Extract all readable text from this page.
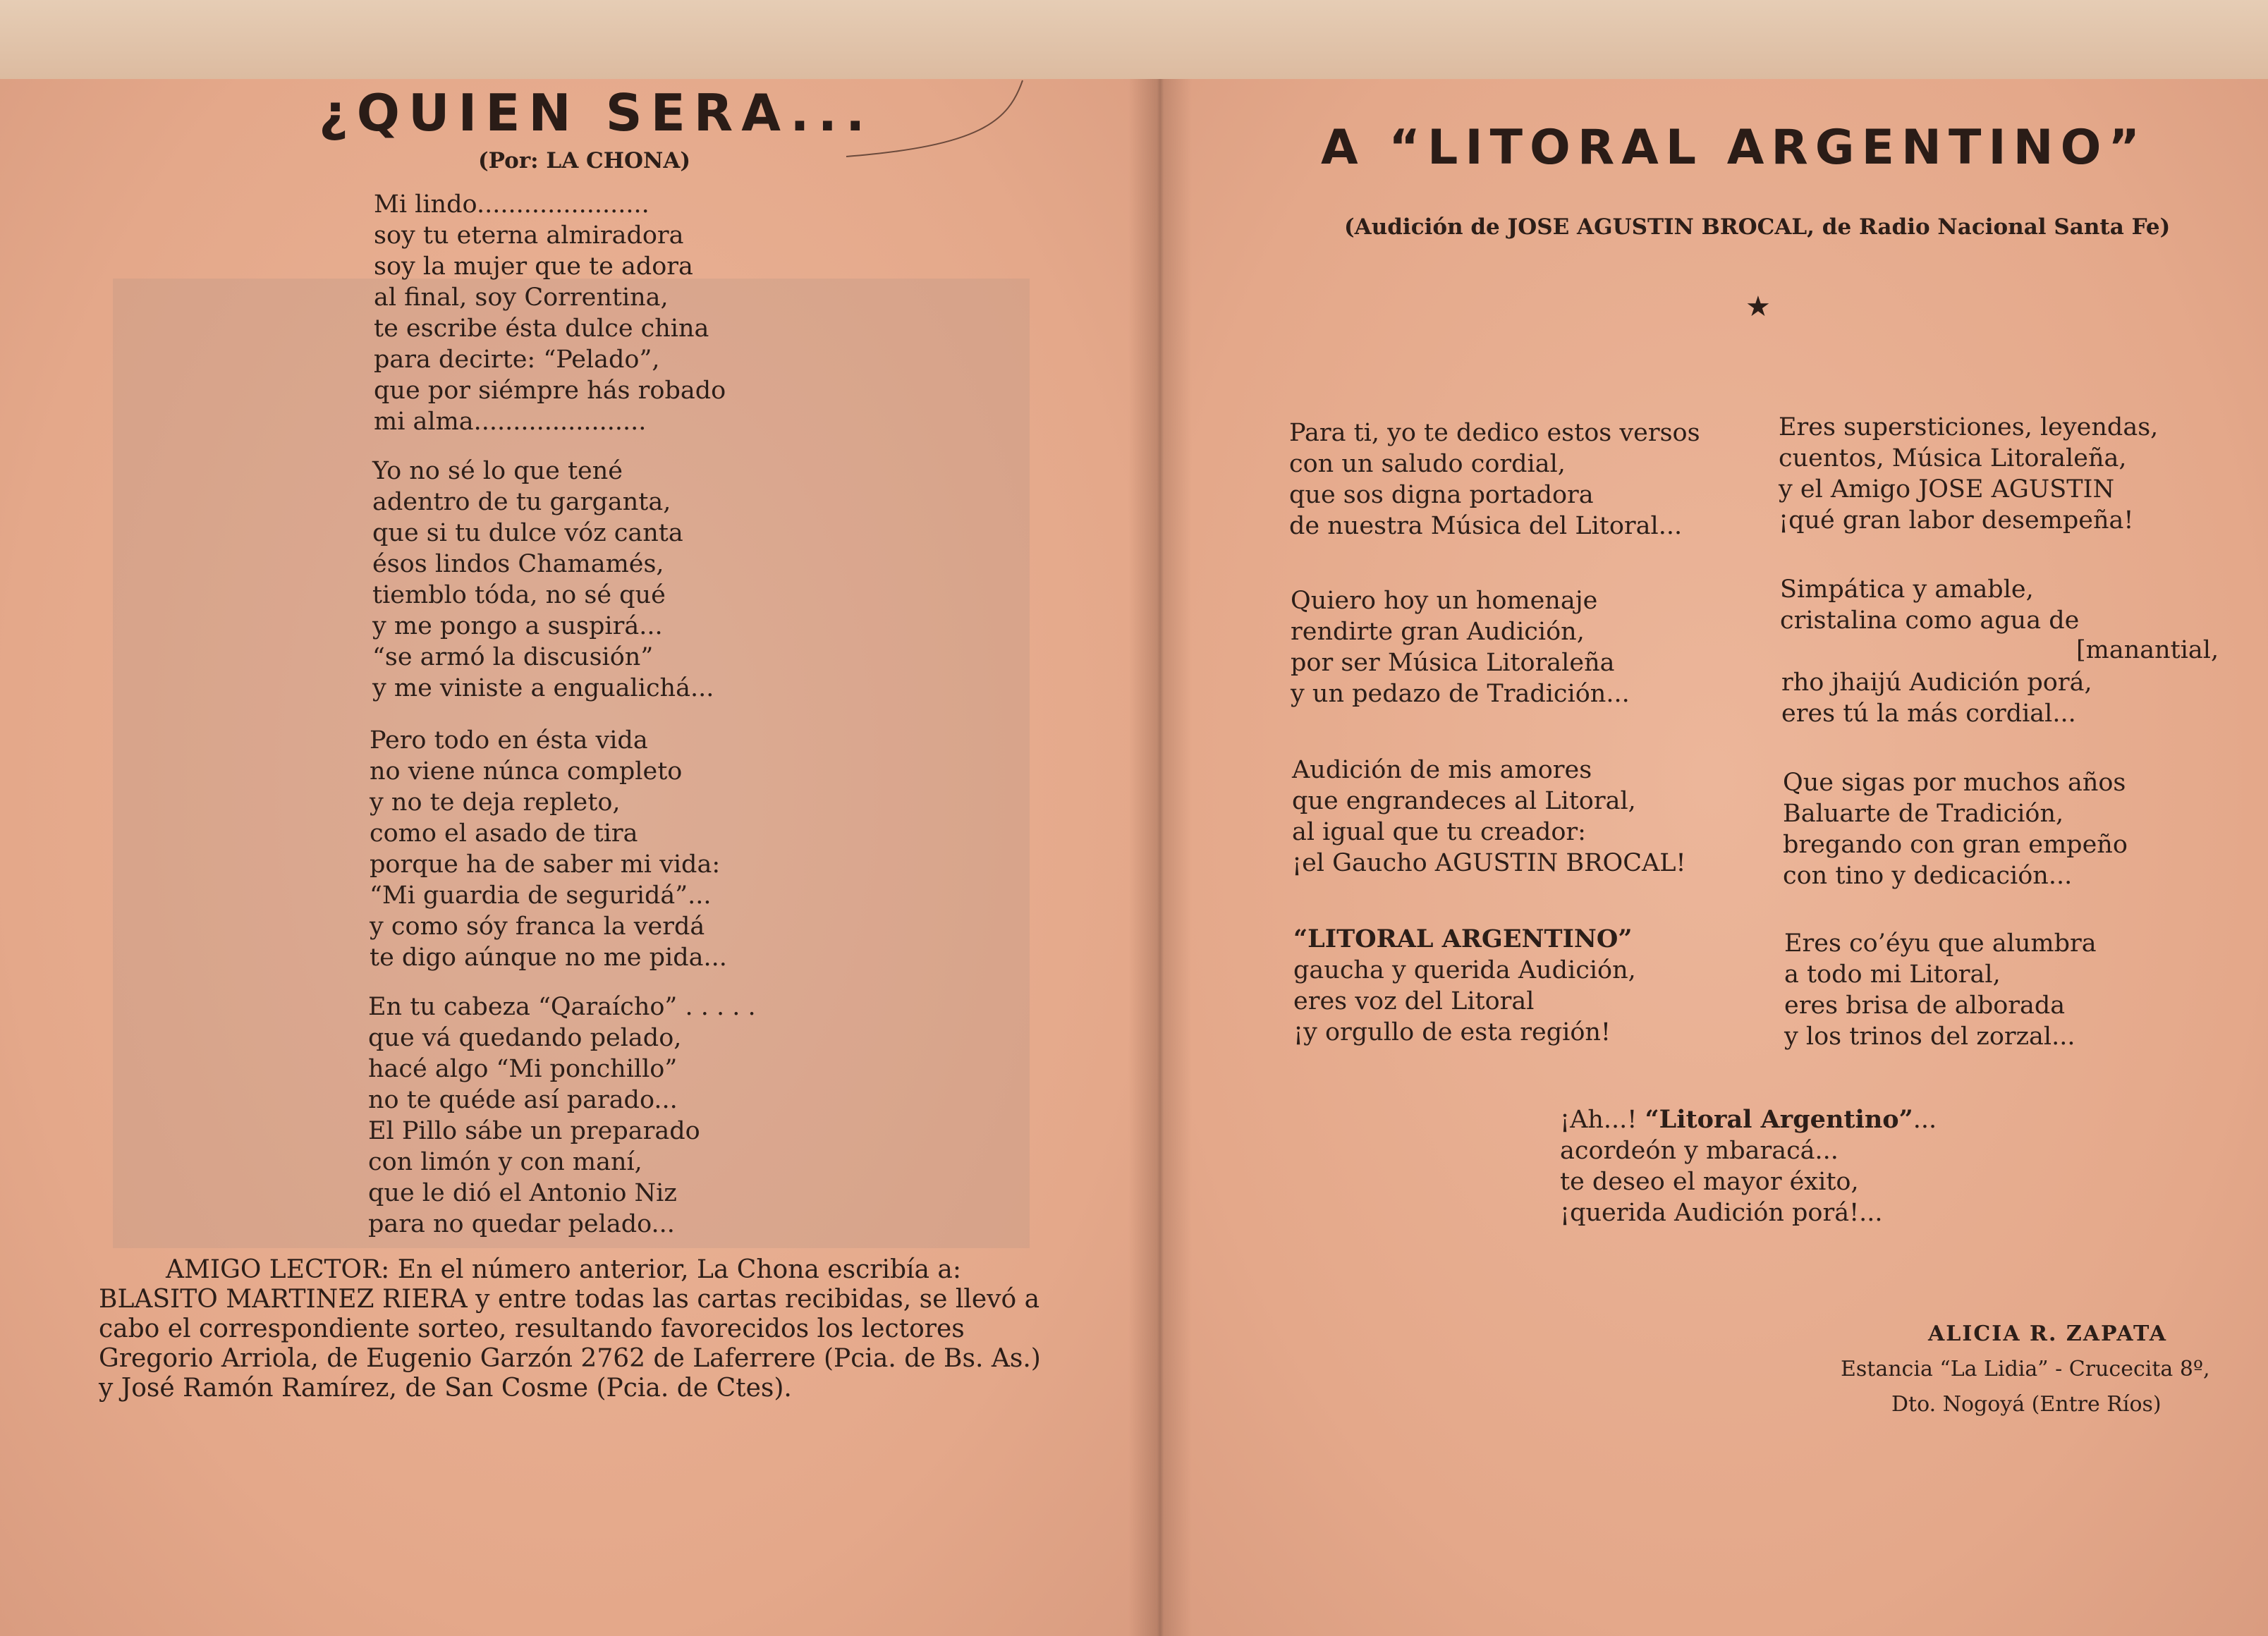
¿QUIEN SERA...
(Por: LA CHONA)
Mi lindo......................
soy tu eterna almiradora
soy la mujer que te adora
al final, soy Correntina,
te escribe ésta dulce china
para decirte: “Pelado”,
que por siémpre hás robado
mi alma......................
Yo no sé lo que tené
adentro de tu garganta,
que si tu dulce vóz canta
ésos lindos Chamamés,
tiemblo tóda, no sé qué
y me pongo a suspirá...
“se armó la discusión”
y me viniste a engualichá...
Pero todo en ésta vida
no viene núnca completo
y no te deja repleto,
como el asado de tira
porque ha de saber mi vida:
“Mi guardia de seguridá”...
y como sóy franca la verdá
te digo aúnque no me pida...
En tu cabeza “Qaraícho” . . . . .
que vá quedando pelado,
hacé algo “Mi ponchillo”
no te quéde así parado...
El Pillo sábe un preparado
con limón y con maní,
que le dió el Antonio Niz
para no quedar pelado...
AMIGO LECTOR: En el número anterior, La Chona escribía a: BLASITO MARTINEZ RIERA y entre todas las cartas recibidas, se llevó a cabo el correspondiente sorteo, resultando favorecidos los lectores Gregorio Arriola, de Eugenio Garzón 2762 de Laferrere (Pcia. de Bs. As.) y José Ramón Ramírez, de San Cosme (Pcia. de Ctes).
A “LITORAL ARGENTINO”
(Audición de JOSE AGUSTIN BROCAL, de Radio Nacional Santa Fe)
★
Para ti, yo te dedico estos versos
con un saludo cordial,
que sos digna portadora
de nuestra Música del Litoral...
Quiero hoy un homenaje
rendirte gran Audición,
por ser Música Litoraleña
y un pedazo de Tradición...
Audición de mis amores
que engrandeces al Litoral,
al igual que tu creador:
¡el Gaucho AGUSTIN BROCAL!
“LITORAL ARGENTINO”
gaucha y querida Audición,
eres voz del Litoral
¡y orgullo de esta región!
Eres supersticiones, leyendas,
cuentos, Música Litoraleña,
y el Amigo JOSE AGUSTIN
¡qué gran labor desempeña!
Simpática y amable,
cristalina como agua de
[manantial,
rho jhaijú Audición porá,
eres tú la más cordial...
Que sigas por muchos años
Baluarte de Tradición,
bregando con gran empeño
con tino y dedicación...
Eres co’éyu que alumbra
a todo mi Litoral,
eres brisa de alborada
y los trinos del zorzal...
¡Ah...! “Litoral Argentino”...
acordeón y mbaracá...
te deseo el mayor éxito,
¡querida Audición porá!...
ALICIA R. ZAPATA
Estancia “La Lidia” - Crucecita 8º,
Dto. Nogoyá (Entre Ríos)
